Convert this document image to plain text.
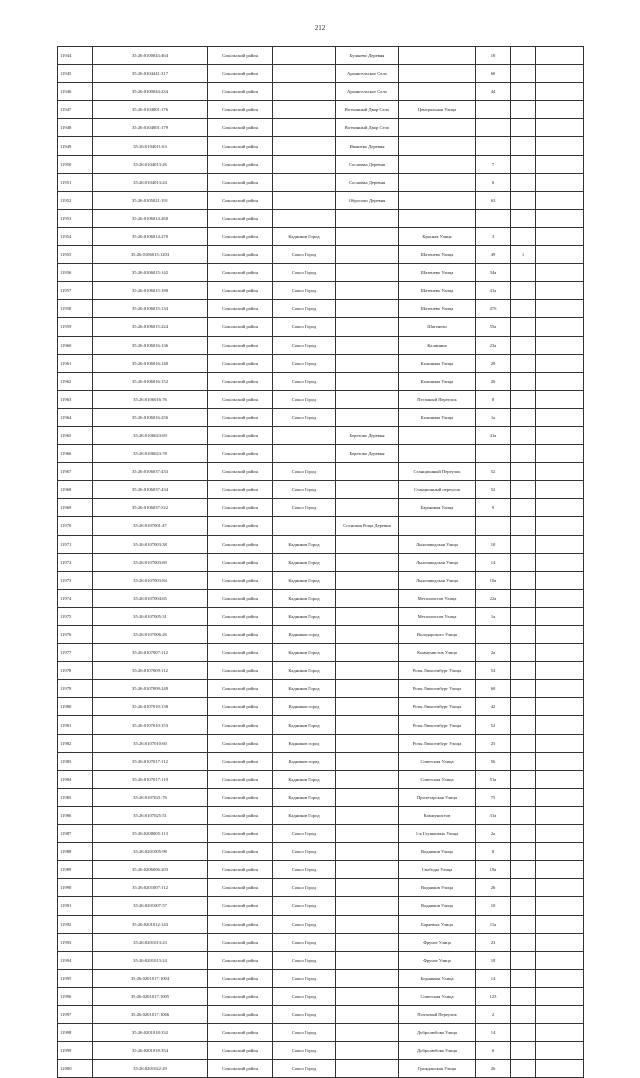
212
11944	35:26:0100043:464	Сокольский район		Бушнево Деревня		10		
11945	35:26:0104441:317	Сокольский район		Архангельское Село		60		
11946	35:26:0100044:234	Сокольский район		Архангельское Село		44		
11947	35:26:0104001:176	Сокольский район		Вотчинный Двор Село	Центральная Улица			
11948	35:26:0104001:179	Сокольский район		Вотчинный Двор Село				
11949	35:26:0104011:63	Сокольский район		Ивашево Деревня				
11950	35:26:0104013:26	Сокольский район		Сосновка Деревня		7		
11951	35:26:0104013:24	Сокольский район		Сосновка Деревня		6		
11952	35:26:0105021:191	Сокольский район		Обросово Деревня		63		
11953	35:26:0106014:260	Сокольский район						
11954	35:26:0106014:270	Сокольский район	Кадников Город		Красная Улица	3		
11955	35:26:0106015:1203	Сокольский район	Сокол Город		Шатенево Улица	49	1	
11956	35:26:0106015:142	Сокольский район	Сокол Город		Шатенево Улица	34а		
11957	35:26:0106015:180	Сокольский район	Сокол Город		Шатенево Улица	41а		
11958	35:26:0106015:134	Сокольский район	Сокол Город		Шатенево Улица	47б		
11959	35:26:0106015:224	Сокольский район	Сокол Город		Шатенево	55а		
11960	35:26:0106016:136	Сокольский район	Сокол Город		Калинина	23а		
11961	35:26:0106016:140	Сокольский район	Сокол Город		Калинина Улица	28		
11962	35:26:0106016:152	Сокольский район	Сокол Город		Калинина Улица	26		
11963	35:26:0106016:76	Сокольский район	Сокол Город		Песчаный Переулок	8		
11964	35:26:0106016:256	Сокольский район	Сокол Город		Калинина Улица	1а		
11965	35:26:0106023:69	Сокольский район		Березово Деревня		41а		
11966	35:26:0106023:78	Сокольский район		Березово Деревня				
11967	35:26:0106037:433	Сокольский район	Сокол Город		Станционный Переулок	52		
11968	35:26:0106037:434	Сокольский район	Сокол Город		Станционный переулок	52		
11969	35:26:0106037:522	Сокольский район	Сокол Город		Бараковая Улица	9		
11970	35:26:0107001:47	Сокольский район		Сосновая Роща Деревня				
11971	35:26:0107003:38	Сокольский район	Кадников Город		Льнозаводская Улица	10		
11972	35:26:0107003:69	Сокольский район	Кадников Город		Льнозаводская Улица	14		
11973	35:26:0107003:84	Сокольский район	Кадников Город		Льнозаводская Улица	10а		
11974	35:26:0107004:65	Сокольский район	Кадников Город		Металлистов Улица	22а		
11975	35:26:0107005:31	Сокольский район	Кадников Город		Металлистов Улица	1а		
11976	35:26:0107006:26	Сокольский район	Кадников город		Володарского Улица			
11977	35:26:0107007:112	Сокольский район	Кадников Город		Коммунистов Улица	2а		
11978	35:26:0107009:112	Сокольский район	Кадников Город		Розы Люксембург Улица	54		
11979	35:26:0107009:249	Сокольский район	Кадников Город		Розы Люксембург Улица	60		
11980	35:26:0107010:138	Сокольский район	Кадников город		Розы Люксембург Улица	42		
11981	35:26:0107010:153	Сокольский район	Кадников Город		Розы Люксембург Улица	52		
11982	35:26:0107010:60	Сокольский район	Кадников город		Розы Люксембург Улица	25		
11983	35:26:0107017:112	Сокольский район	Кадников город		Советская Улица	56		
11984	35:26:0107017:119	Сокольский район	Кадников Город		Советская Улица	51а		
11985	35:26:0107021:76	Сокольский район	Кадников Город		Пролетарская Улица	75		
11986	35:26:0107025:51	Сокольский район	Кадников Город		Коммунистов	31а		
11987	35:26:0200005:113	Сокольский район	Сокол Город		1-я Глушковых Улица	2а		
11988	35:26:0201005:98	Сокольский район	Сокол Город		Водников Улица	8		
11989	35:26:0206006:203	Сокольский район	Сокол Город		Свободы Улица	19а		
11990	35:26:0201007:112	Сокольский район	Сокол Город		Водников Улица	26		
11991	35:26:0201007:57	Сокольский район	Сокол Город		Водников Улица	10		
11992	35:26:0201012:143	Сокольский район	Сокол Город		Бараевых Улица	11а		
11993	35:26:0201013:23	Сокольский район	Сокол Город		Фрунзе Улица	23		
11994	35:26:0201013:24	Сокольский район	Сокол Город		Фрунзе Улица	18		
11995	35:26:0201017:1004	Сокольский район	Сокол Город		Беднякова Улица	14		
11996	35:26:0201017:1005	Сокольский район	Сокол Город		Советская Улица	123		
11997	35:26:0201017:1066	Сокольский район	Сокол Город		Почтовый Переулок	2		
11998	35:26:0201018:332	Сокольский район	Сокол Город		Добролюбова Улица	14		
11999	35:26:0201018:354	Сокольский район	Сокол Город		Добролюбова Улица	6		
12000	35:26:0201022:29	Сокольский район	Сокол Город		Гражданская Улица	26		
